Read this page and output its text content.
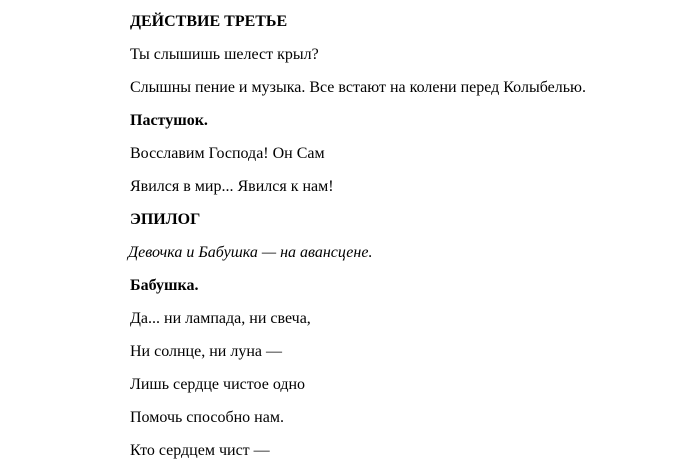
ДЕЙСТВИЕ ТРЕТЬЕ
Ты слышишь шелест крыл?
Слышны пение и музыка. Все встают на колени перед Колыбелью.
Пастушок.
Восславим Господа! Он Сам
Явился в мир... Явился к нам!
ЭПИЛОГ
Девочка и Бабушка — на авансцене.
Бабушка.
Да... ни лампада, ни свеча,
Ни солнце, ни луна —
Лишь сердце чистое одно
Помочь способно нам.
Кто сердцем чист —
